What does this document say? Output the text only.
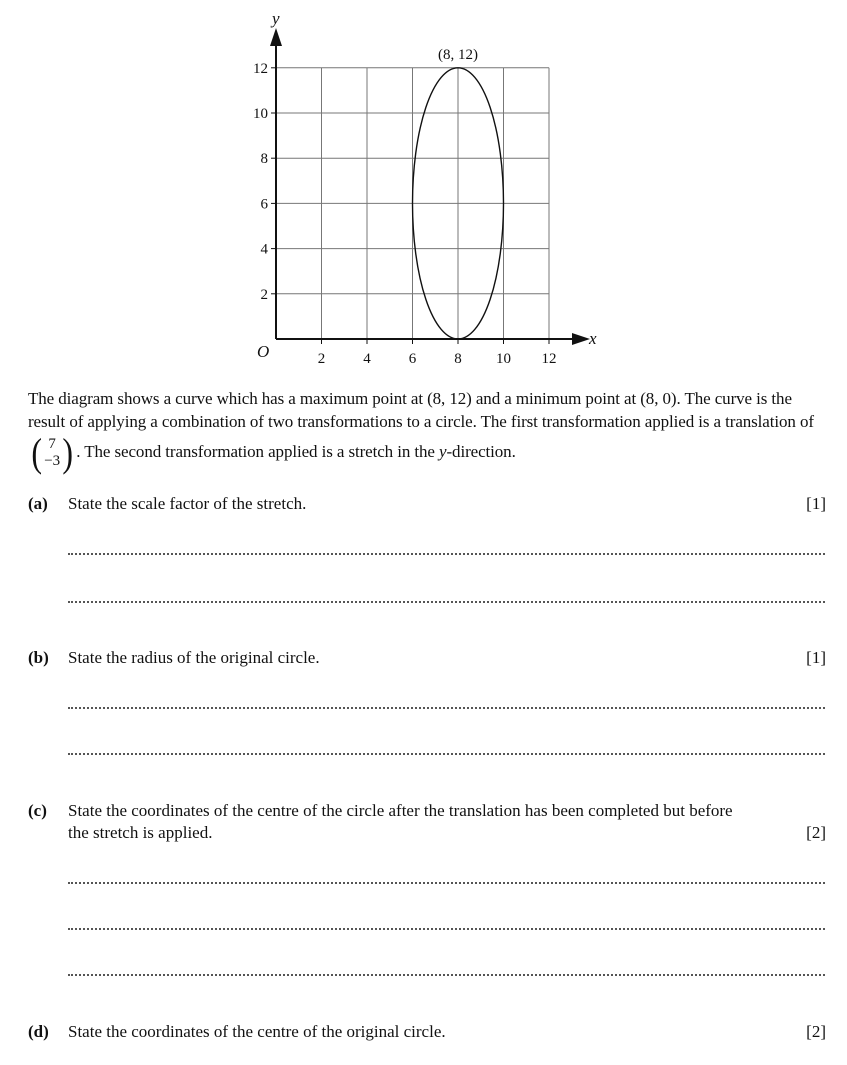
2	4	6	8 10 12
2
4
6
8
10
12
y
x
O
(8, 12)

The diagram shows a curve which has a maximum point at (8, 12) and a minimum point at (8, 0). The curve is the result of applying a combination of two transformations to a circle. The first transformation applied is a translation of
( 7
−3 ) . The second transformation applied is a stretch in the y-direction.

(a) State the scale factor of the stretch.	[1]
(b) State the radius of the original circle.	[1]
(c) State the coordinates of the centre of the circle after the translation has been completed but before
the stretch is applied.	[2]
(d) State the coordinates of the centre of the original circle.	[2]
